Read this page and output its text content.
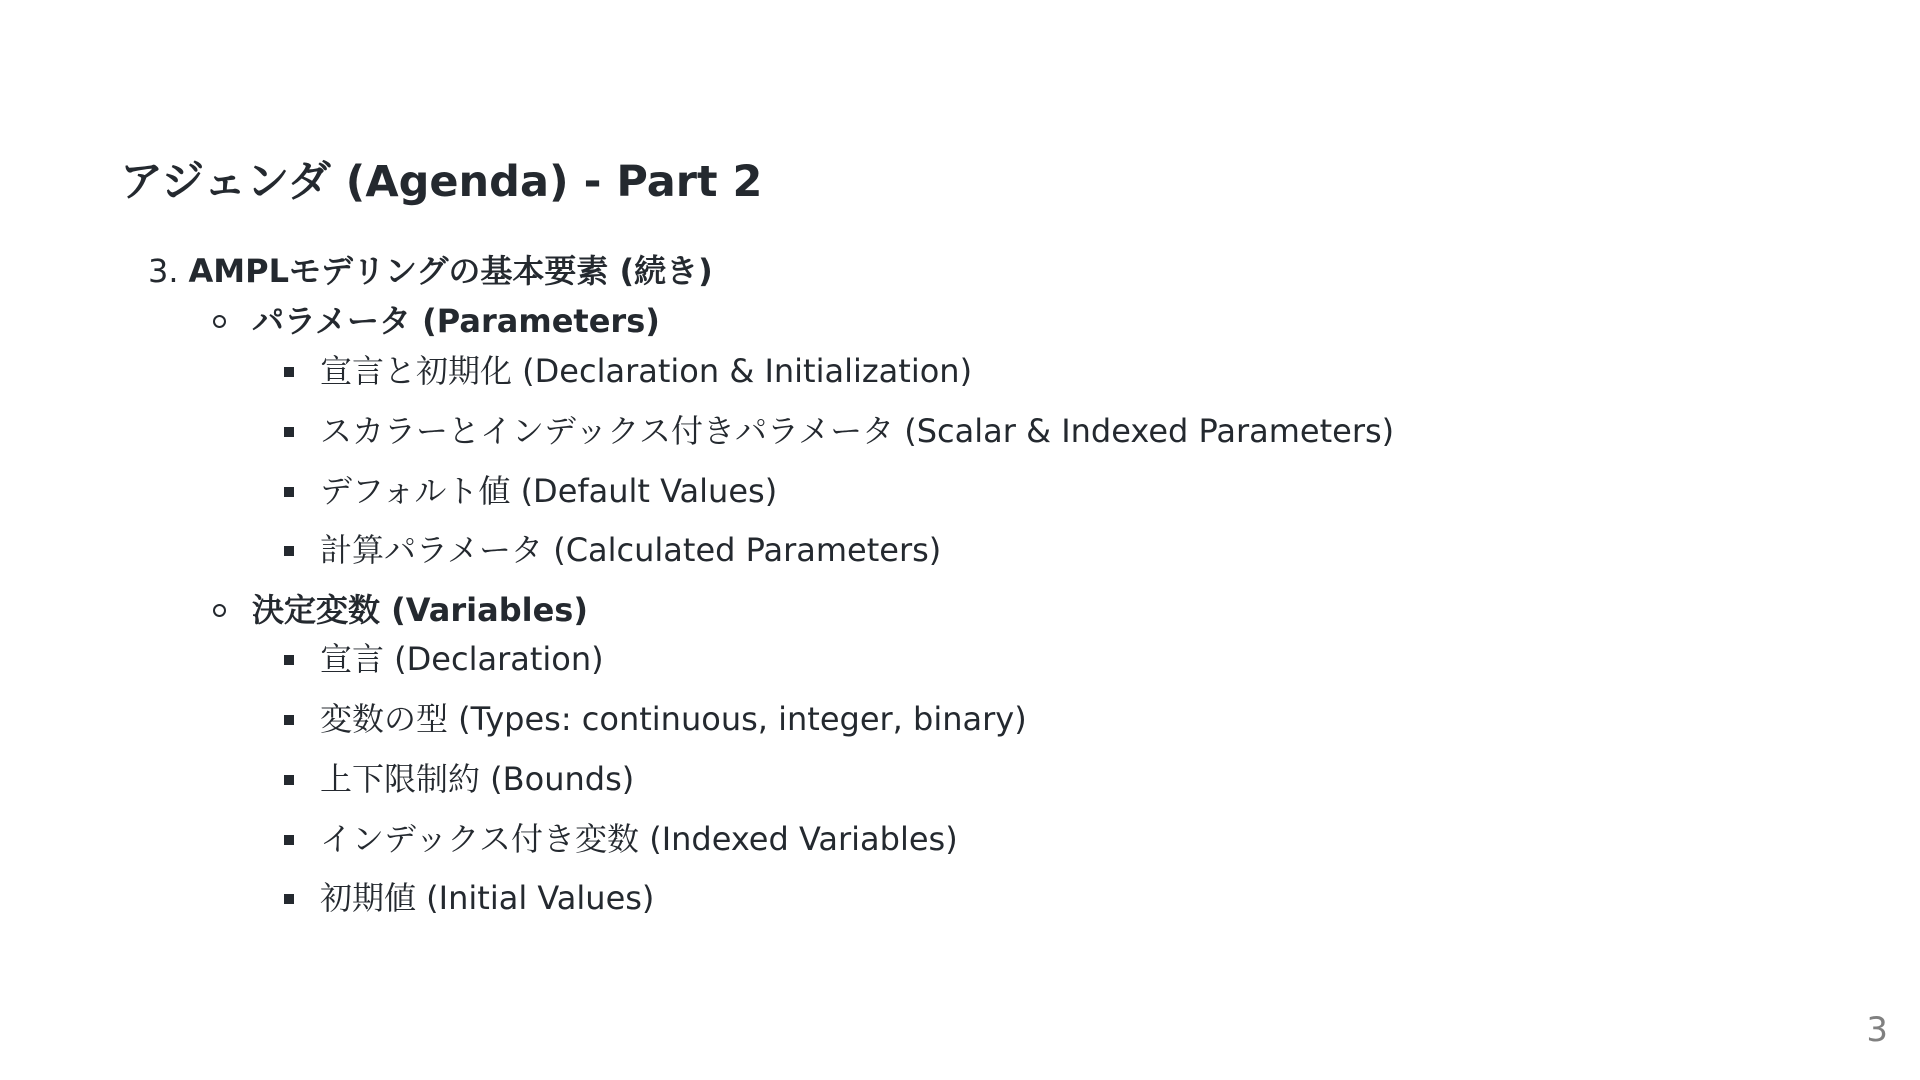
アジェンダ (Agenda) - Part 2
3. AMPLモデリングの基本要素 (続き)
パラメータ (Parameters)
宣言と初期化 (Declaration & Initialization)
スカラーとインデックス付きパラメータ (Scalar & Indexed Parameters)
デフォルト値 (Default Values)
計算パラメータ (Calculated Parameters)
決定変数 (Variables)
宣言 (Declaration)
変数の型 (Types: continuous, integer, binary)
上下限制約 (Bounds)
インデックス付き変数 (Indexed Variables)
初期値 (Initial Values)
3
